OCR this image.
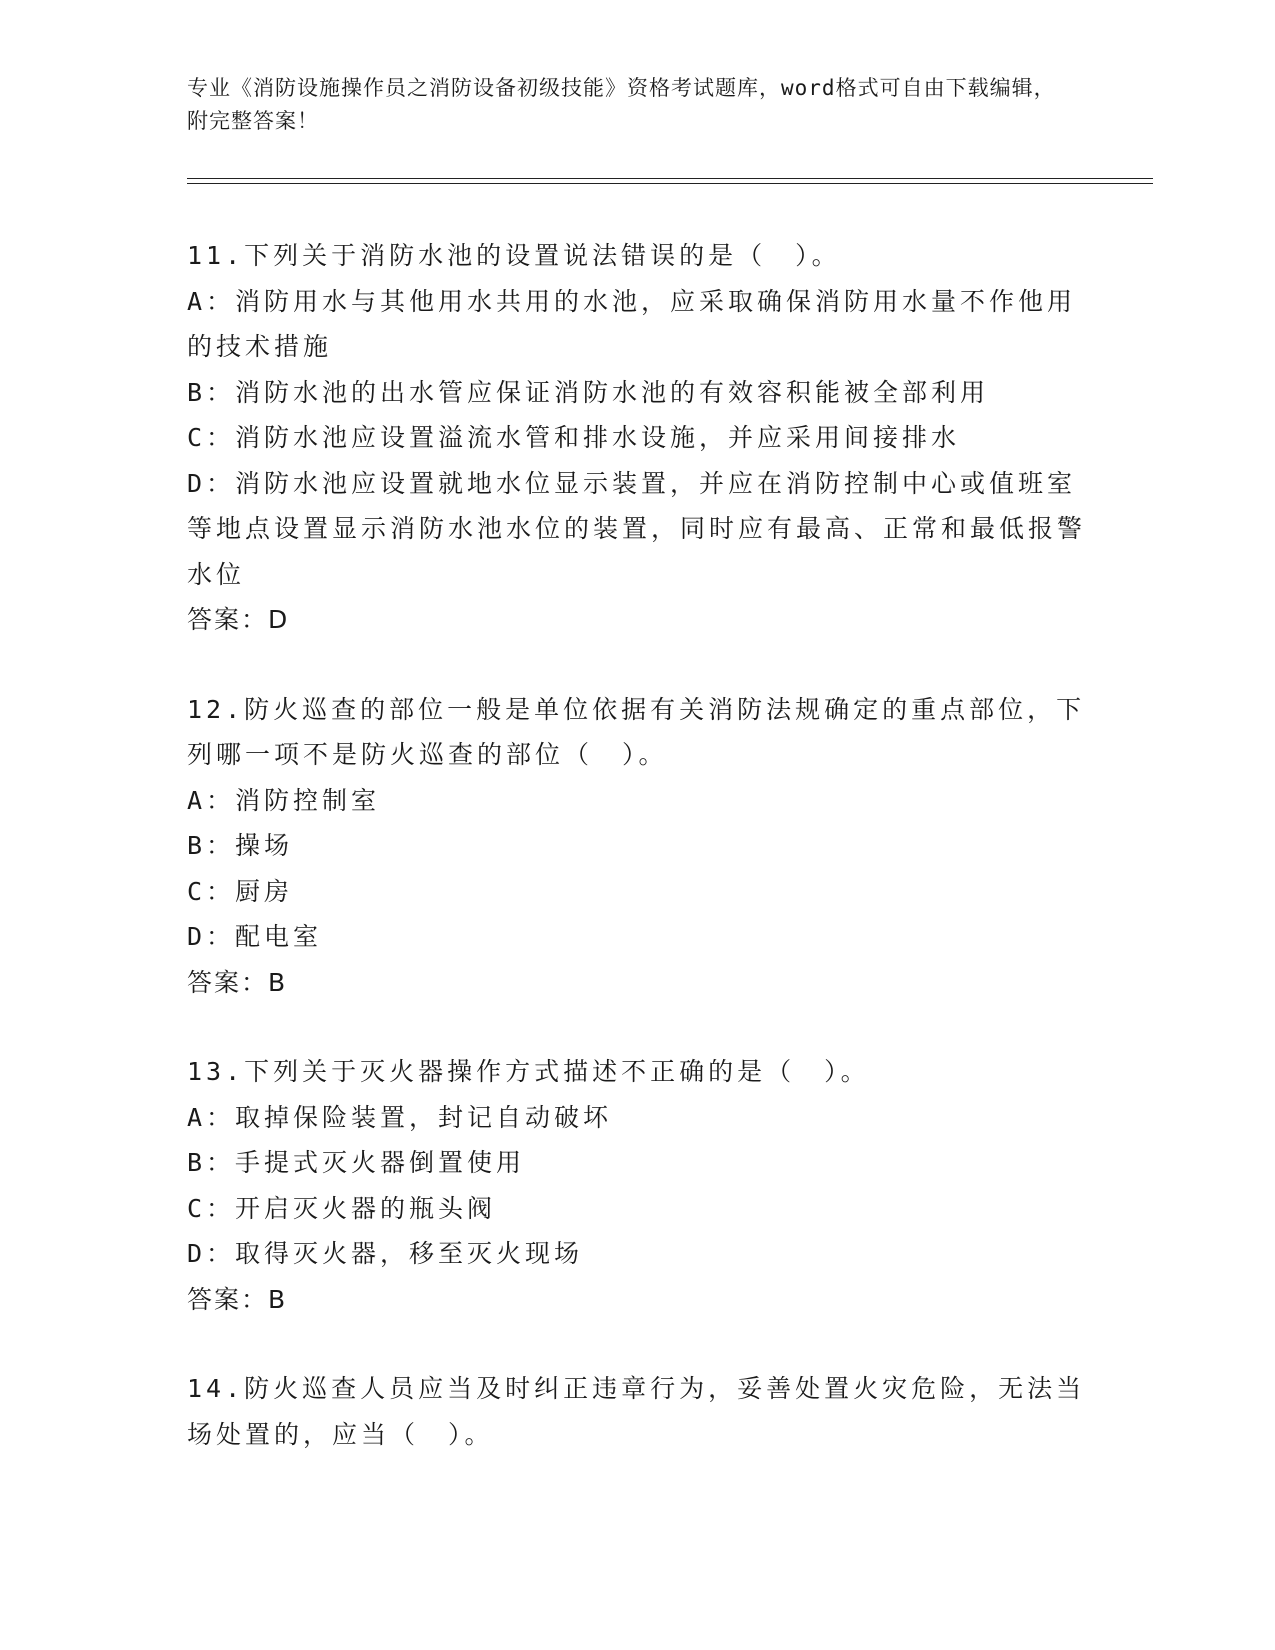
专业《消防设施操作员之消防设备初级技能》资格考试题库，word格式可自由下载编辑，附完整答案！
11.下列关于消防水池的设置说法错误的是（　）。
A：消防用水与其他用水共用的水池，应采取确保消防用水量不作他用的技术措施
B：消防水池的出水管应保证消防水池的有效容积能被全部利用
C：消防水池应设置溢流水管和排水设施，并应采用间接排水
D：消防水池应设置就地水位显示装置，并应在消防控制中心或值班室等地点设置显示消防水池水位的装置，同时应有最高、正常和最低报警水位
答案：D
12.防火巡查的部位一般是单位依据有关消防法规确定的重点部位，下列哪一项不是防火巡查的部位（　）。
A：消防控制室
B：操场
C：厨房
D：配电室
答案：B
13.下列关于灭火器操作方式描述不正确的是（　）。
A：取掉保险装置，封记自动破坏
B：手提式灭火器倒置使用
C：开启灭火器的瓶头阀
D：取得灭火器，移至灭火现场
答案：B
14.防火巡查人员应当及时纠正违章行为，妥善处置火灾危险，无法当场处置的，应当（　）。
